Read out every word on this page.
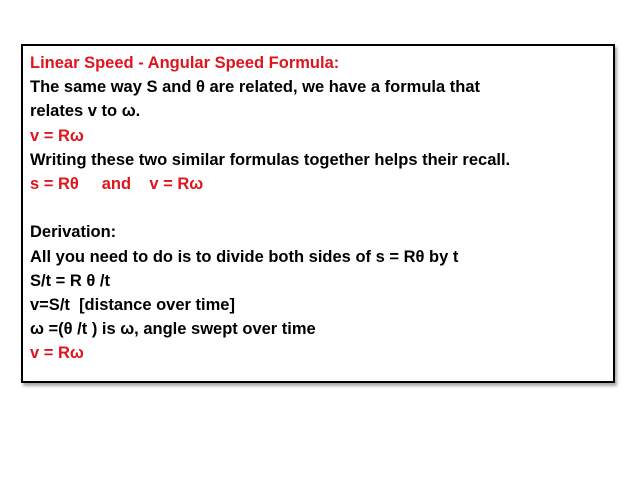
Linear Speed - Angular Speed Formula:
The same way S and θ are related, we have a formula that
relates v to ω.
v = Rω
Writing these two similar formulas together helps their recall.
s = Rθ     and    v = Rω
Derivation:
All you need to do is to divide both sides of s = Rθ by t
S/t = R θ /t
v=S/t  [distance over time]
ω =(θ /t ) is ω, angle swept over time
v = Rω
